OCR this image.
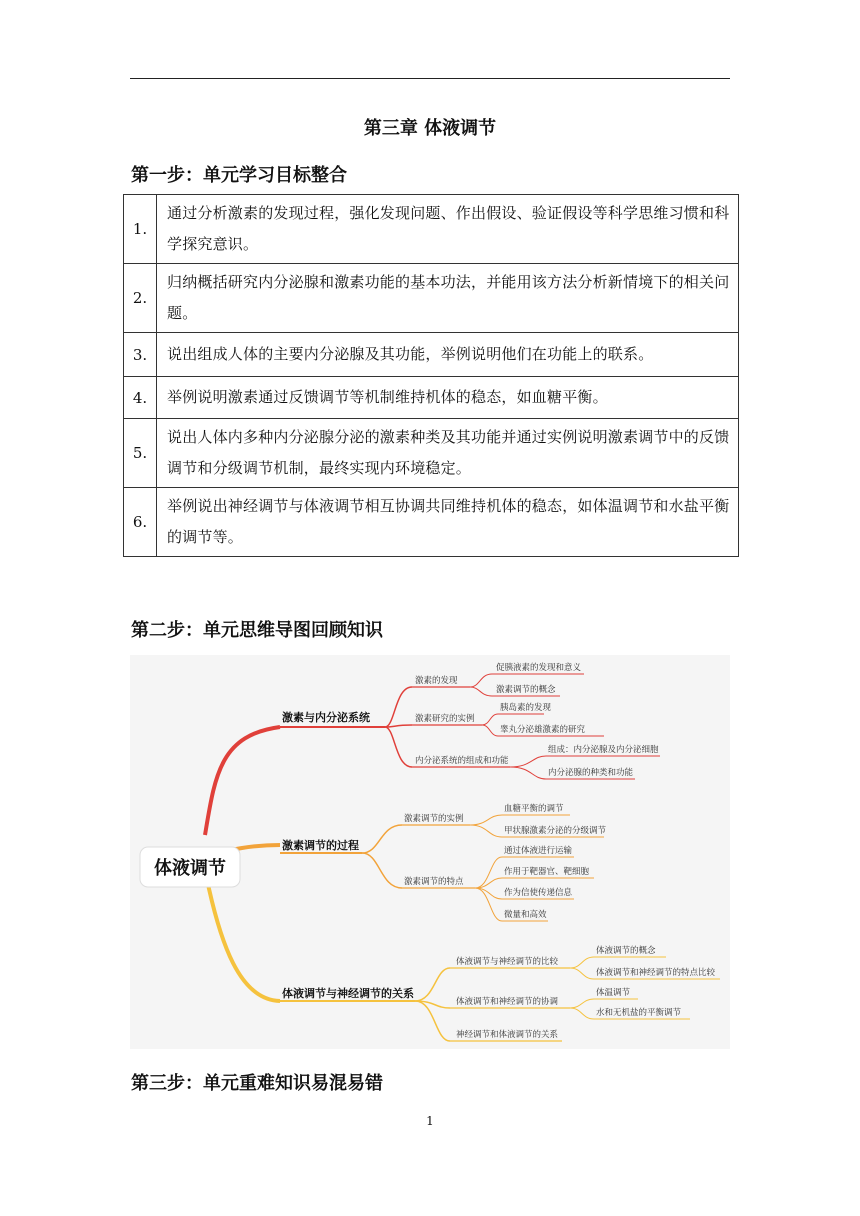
第三章 体液调节
第一步：单元学习目标整合
1.	通过分析激素的发现过程，强化发现问题、作出假设、验证假设等科学思维习惯和科学探究意识。
2.	归纳概括研究内分泌腺和激素功能的基本功法，并能用该方法分析新情境下的相关问题。
3.	说出组成人体的主要内分泌腺及其功能，举例说明他们在功能上的联系。
4.	举例说明激素通过反馈调节等机制维持机体的稳态，如血糖平衡。
5.	说出人体内多种内分泌腺分泌的激素种类及其功能并通过实例说明激素调节中的反馈调节和分级调节机制，最终实现内环境稳定。
6.	举例说出神经调节与体液调节相互协调共同维持机体的稳态，如体温调节和水盐平衡的调节等。
第二步：单元思维导图回顾知识
体液调节
激素与内分泌系统
激素调节的过程
体液调节与神经调节的关系
激素的发现
激素研究的实例
内分泌系统的组成和功能
促胰液素的发现和意义
激素调节的概念
胰岛素的发现
睾丸分泌雄激素的研究
组成：内分泌腺及内分泌细胞
内分泌腺的种类和功能
激素调节的实例
激素调节的特点
血糖平衡的调节
甲状腺激素分泌的分级调节
通过体液进行运输
作用于靶器官、靶细胞
作为信使传递信息
微量和高效
体液调节与神经调节的比较
体液调节和神经调节的协调
神经调节和体液调节的关系
体液调节的概念
体液调节和神经调节的特点比较
体温调节
水和无机盐的平衡调节
第三步：单元重难知识易混易错
1
